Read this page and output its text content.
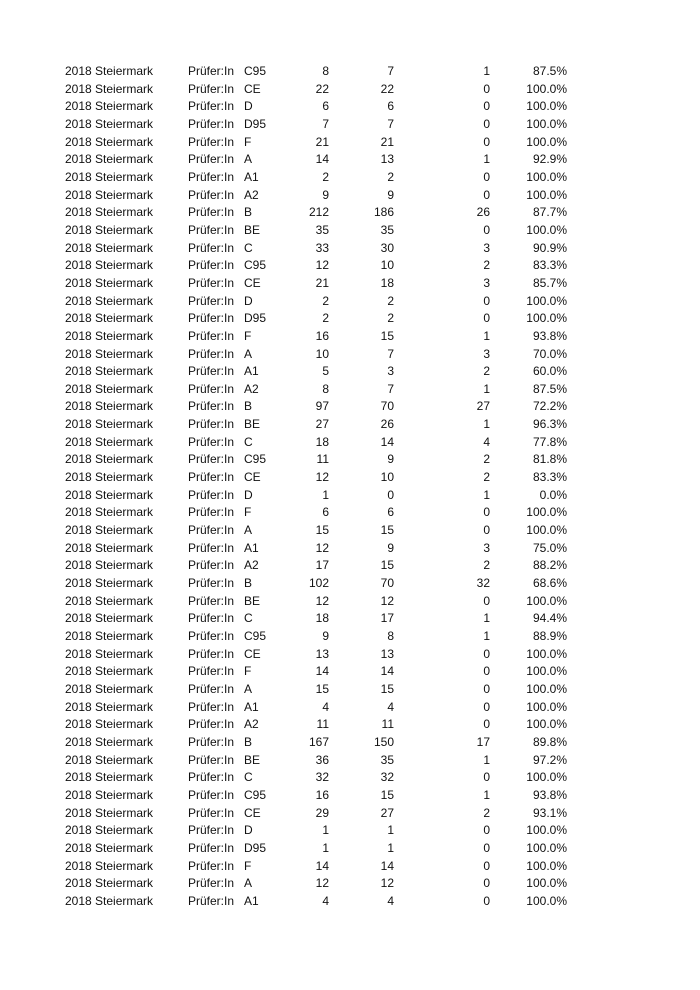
2018 Steiermark	Prüfer:In C95	8	7	1	87.5%
2018 Steiermark	Prüfer:In CE	22	22	0	100.0%
2018 Steiermark	Prüfer:In D	6	6	0	100.0%
2018 Steiermark	Prüfer:In D95	7	7	0	100.0%
2018 Steiermark	Prüfer:In F	21	21	0	100.0%
2018 Steiermark	Prüfer:In A	14	13	1	92.9%
2018 Steiermark	Prüfer:In A1	2	2	0	100.0%
2018 Steiermark	Prüfer:In A2	9	9	0	100.0%
2018 Steiermark	Prüfer:In B	212	186	26	87.7%
2018 Steiermark	Prüfer:In BE	35	35	0	100.0%
2018 Steiermark	Prüfer:In C	33	30	3	90.9%
2018 Steiermark	Prüfer:In C95	12	10	2	83.3%
2018 Steiermark	Prüfer:In CE	21	18	3	85.7%
2018 Steiermark	Prüfer:In D	2	2	0	100.0%
2018 Steiermark	Prüfer:In D95	2	2	0	100.0%
2018 Steiermark	Prüfer:In F	16	15	1	93.8%
2018 Steiermark	Prüfer:In A	10	7	3	70.0%
2018 Steiermark	Prüfer:In A1	5	3	2	60.0%
2018 Steiermark	Prüfer:In A2	8	7	1	87.5%
2018 Steiermark	Prüfer:In B	97	70	27	72.2%
2018 Steiermark	Prüfer:In BE	27	26	1	96.3%
2018 Steiermark	Prüfer:In C	18	14	4	77.8%
2018 Steiermark	Prüfer:In C95	11	9	2	81.8%
2018 Steiermark	Prüfer:In CE	12	10	2	83.3%
2018 Steiermark	Prüfer:In D	1	0	1	0.0%
2018 Steiermark	Prüfer:In F	6	6	0	100.0%
2018 Steiermark	Prüfer:In A	15	15	0	100.0%
2018 Steiermark	Prüfer:In A1	12	9	3	75.0%
2018 Steiermark	Prüfer:In A2	17	15	2	88.2%
2018 Steiermark	Prüfer:In B	102	70	32	68.6%
2018 Steiermark	Prüfer:In BE	12	12	0	100.0%
2018 Steiermark	Prüfer:In C	18	17	1	94.4%
2018 Steiermark	Prüfer:In C95	9	8	1	88.9%
2018 Steiermark	Prüfer:In CE	13	13	0	100.0%
2018 Steiermark	Prüfer:In F	14	14	0	100.0%
2018 Steiermark	Prüfer:In A	15	15	0	100.0%
2018 Steiermark	Prüfer:In A1	4	4	0	100.0%
2018 Steiermark	Prüfer:In A2	11	11	0	100.0%
2018 Steiermark	Prüfer:In B	167	150	17	89.8%
2018 Steiermark	Prüfer:In BE	36	35	1	97.2%
2018 Steiermark	Prüfer:In C	32	32	0	100.0%
2018 Steiermark	Prüfer:In C95	16	15	1	93.8%
2018 Steiermark	Prüfer:In CE	29	27	2	93.1%
2018 Steiermark	Prüfer:In D	1	1	0	100.0%
2018 Steiermark	Prüfer:In D95	1	1	0	100.0%
2018 Steiermark	Prüfer:In F	14	14	0	100.0%
2018 Steiermark	Prüfer:In A	12	12	0	100.0%
2018 Steiermark	Prüfer:In A1	4	4	0	100.0%
